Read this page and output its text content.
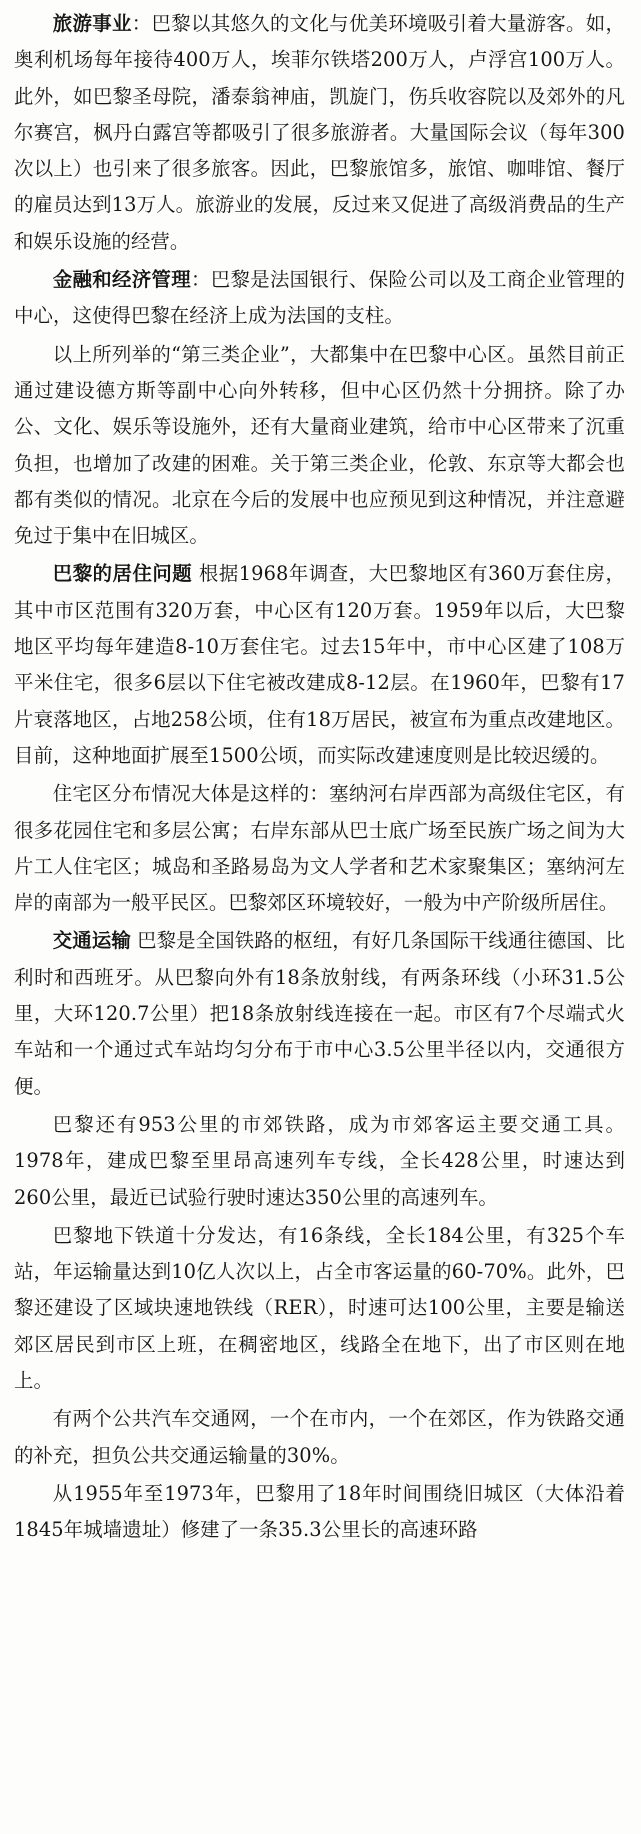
旅游事业：巴黎以其悠久的文化与优美环境吸引着大量游客。如，奥利机场每年接待400万人，埃菲尔铁塔200万人，卢浮宫100万人。此外，如巴黎圣母院，潘泰翁神庙，凯旋门，伤兵收容院以及郊外的凡尔赛宫，枫丹白露宫等都吸引了很多旅游者。大量国际会议（每年300次以上）也引来了很多旅客。因此，巴黎旅馆多，旅馆、咖啡馆、餐厅的雇员达到13万人。旅游业的发展，反过来又促进了高级消费品的生产和娱乐设施的经营。

金融和经济管理：巴黎是法国银行、保险公司以及工商企业管理的中心，这使得巴黎在经济上成为法国的支柱。

以上所列举的“第三类企业”，大都集中在巴黎中心区。虽然目前正通过建设德方斯等副中心向外转移，但中心区仍然十分拥挤。除了办公、文化、娱乐等设施外，还有大量商业建筑，给市中心区带来了沉重负担，也增加了改建的困难。关于第三类企业，伦敦、东京等大都会也都有类似的情况。北京在今后的发展中也应预见到这种情况，并注意避免过于集中在旧城区。

巴黎的居住问题 根据1968年调查，大巴黎地区有360万套住房，其中市区范围有320万套，中心区有120万套。1959年以后，大巴黎地区平均每年建造8-10万套住宅。过去15年中，市中心区建了108万平米住宅，很多6层以下住宅被改建成8-12层。在1960年，巴黎有17片衰落地区，占地258公顷，住有18万居民，被宣布为重点改建地区。目前，这种地面扩展至1500公顷，而实际改建速度则是比较迟缓的。

住宅区分布情况大体是这样的：塞纳河右岸西部为高级住宅区，有很多花园住宅和多层公寓；右岸东部从巴士底广场至民族广场之间为大片工人住宅区；城岛和圣路易岛为文人学者和艺术家聚集区；塞纳河左岸的南部为一般平民区。巴黎郊区环境较好，一般为中产阶级所居住。

交通运输 巴黎是全国铁路的枢纽，有好几条国际干线通往德国、比利时和西班牙。从巴黎向外有18条放射线，有两条环线（小环31.5公里，大环120.7公里）把18条放射线连接在一起。市区有7个尽端式火车站和一个通过式车站均匀分布于市中心3.5公里半径以内，交通很方便。

巴黎还有953公里的市郊铁路，成为市郊客运主要交通工具。1978年，建成巴黎至里昂高速列车专线，全长428公里，时速达到260公里，最近已试验行驶时速达350公里的高速列车。

巴黎地下铁道十分发达，有16条线，全长184公里，有325个车站，年运输量达到10亿人次以上，占全市客运量的60-70%。此外，巴黎还建设了区域块速地铁线（RER），时速可达100公里，主要是输送郊区居民到市区上班，在稠密地区，线路全在地下，出了市区则在地上。

有两个公共汽车交通网，一个在市内，一个在郊区，作为铁路交通的补充，担负公共交通运输量的30%。

从1955年至1973年，巴黎用了18年时间围绕旧城区（大体沿着1845年城墙遗址）修建了一条35.3公里长的高速环路
